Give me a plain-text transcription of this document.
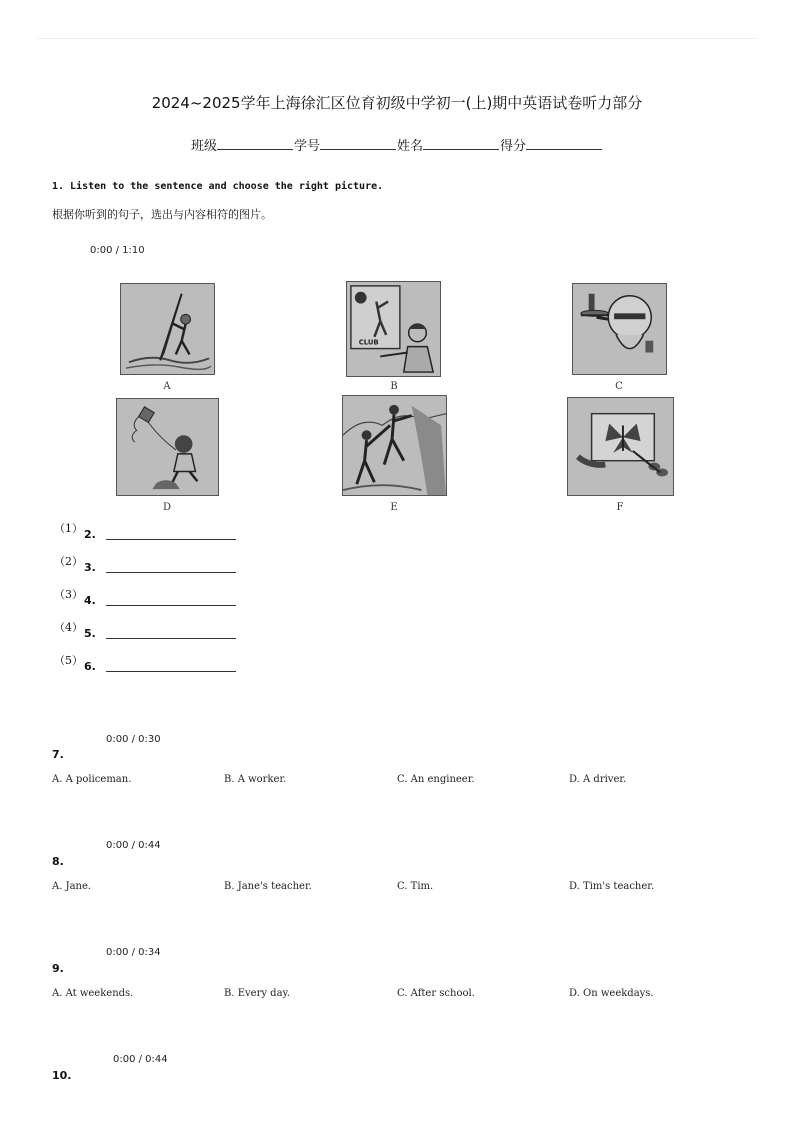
2024~2025学年上海徐汇区位育初级中学初一(上)期中英语试卷听力部分
班级	学号	姓名	得分
1. Listen to the sentence and choose the right picture.
根据你听到的句子，选出与内容相符的图片。
0:00 / 1:10
A
CLUB
B	C
D	E	F
（1） 2.
（2） 3.
（3） 4.
（4） 5.
（5） 6.
0:00 / 0:30
7.
A. A policeman.	B. A worker.	C. An engineer.	D. A driver.
0:00 / 0:44
8.
A. Jane.	B. Jane's teacher.	C. Tim.	D. Tim's teacher.
0:00 / 0:34
9.
A. At weekends.	B. Every day.	C. After school.	D. On weekdays.
0:00 / 0:44
10.
